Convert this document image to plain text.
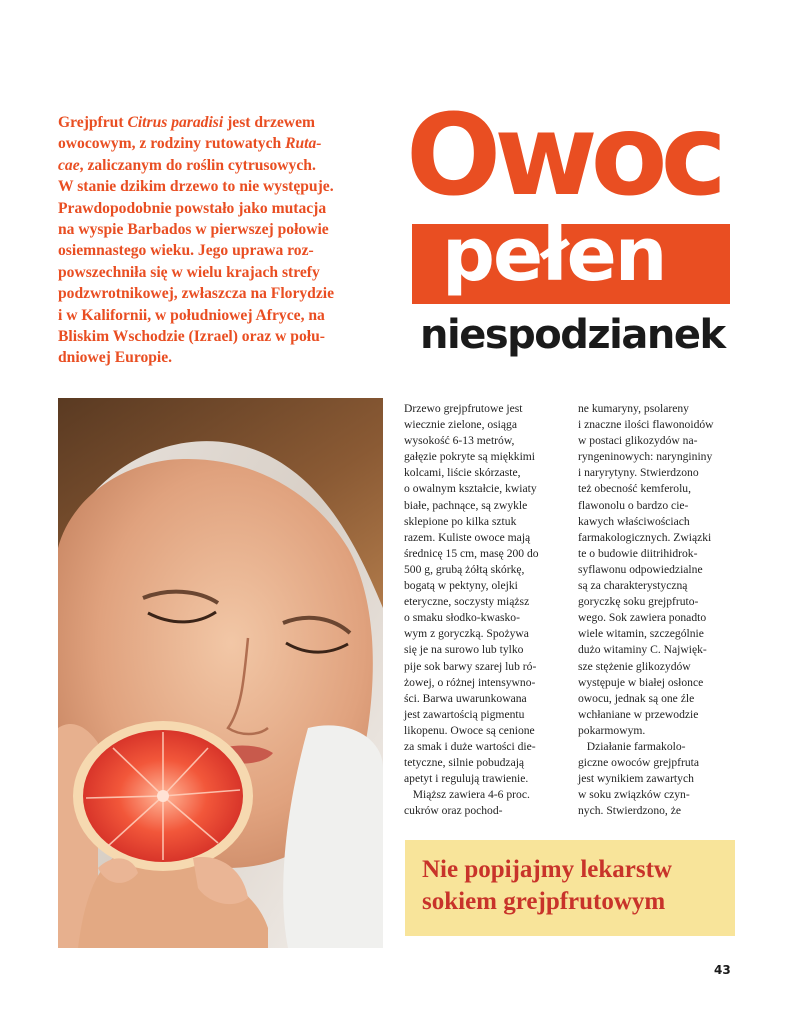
Grejpfrut Citrus paradisi jest drzewem
owocowym, z rodziny rutowatych Ruta-
cae, zaliczanym do roślin cytrusowych.
W stanie dzikim drzewo to nie występuje.
Prawdopodobnie powstało jako mutacja
na wyspie Barbados w pierwszej połowie
osiemnastego wieku. Jego uprawa roz-
powszechniła się w wielu krajach strefy
podzwrotnikowej, zwłaszcza na Florydzie
i w Kalifornii, w południowej Afryce, na
Bliskim Wschodzie (Izrael) oraz w połu-
dniowej Europie.
Owoc
pełen
niespodzianek
Drzewo grejpfrutowe jest
wiecznie zielone, osiąga
wysokość 6-13 metrów,
gałęzie pokryte są miękkimi
kolcami, liście skórzaste,
o owalnym kształcie, kwiaty
białe, pachnące, są zwykle
sklepione po kilka sztuk
razem. Kuliste owoce mają
średnicę 15 cm, masę 200 do
500 g, grubą żółtą skórkę,
bogatą w pektyny, olejki
eteryczne, soczysty miąższ
o smaku słodko-kwasko-
wym z goryczką. Spożywa
się je na surowo lub tylko
pije sok barwy szarej lub ró-
żowej, o różnej intensywno-
ści. Barwa uwarunkowana
jest zawartością pigmentu
likopenu. Owoce są cenione
za smak i duże wartości die-
tetyczne, silnie pobudzają
apetyt i regulują trawienie.
Miąższ zawiera 4-6 proc.
cukrów oraz pochod-
ne kumaryny, psolareny
i znaczne ilości flawonoidów
w postaci glikozydów na-
ryngeninowych: naryngininy
i naryrytyny. Stwierdzono
też obecność kemferolu,
flawonolu o bardzo cie-
kawych właściwościach
farmakologicznych. Związki
te o budowie diitrihidrok-
syflawonu odpowiedzialne
są za charakterystyczną
goryczkę soku grejpfruto-
wego. Sok zawiera ponadto
wiele witamin, szczególnie
dużo witaminy C. Najwięk-
sze stężenie glikozydów
występuje w białej osłonce
owocu, jednak są one źle
wchłaniane w przewodzie
pokarmowym.
Działanie farmakolo-
giczne owoców grejpfruta
jest wynikiem zawartych
w soku związków czyn-
nych. Stwierdzono, że
Nie popijajmy lekarstw
sokiem grejpfrutowym
43
